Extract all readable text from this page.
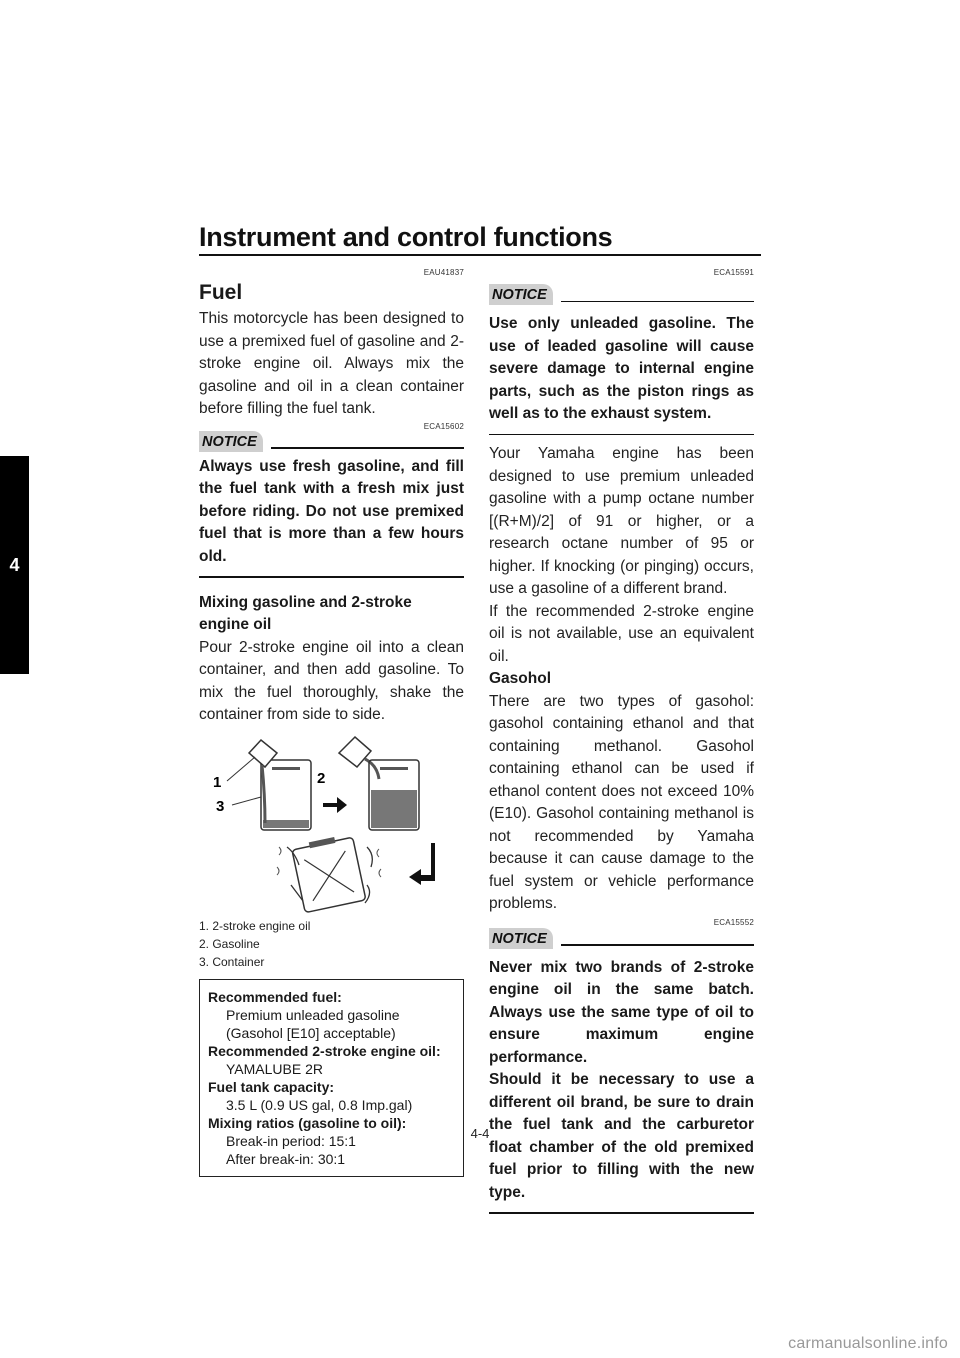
Instrument and control functions
4
EAU41837
Fuel

This motorcycle has been designed to use a premixed fuel of gasoline and 2-stroke engine oil. Always mix the gasoline and oil in a clean container before filling the fuel tank.

NOTICE
ECA15602

Always use fresh gasoline, and fill the fuel tank with a fresh mix just before riding. Do not use premixed fuel that is more than a few hours old.

Mixing gasoline and 2-stroke engine oil

Pour 2-stroke engine oil into a clean container, and then add gasoline. To mix the fuel thoroughly, shake the container from side to side.

1
3
2
1. 2-stroke engine oil
2. Gasoline
3. Container
Recommended fuel:
Premium unleaded gasoline (Gasohol [E10] acceptable)
Recommended 2-stroke engine oil:
YAMALUBE 2R
Fuel tank capacity:
3.5 L (0.9 US gal, 0.8 Imp.gal)
Mixing ratios (gasoline to oil):
Break-in period: 15:1
After break-in: 30:1
ECA15591
NOTICE

Use only unleaded gasoline. The use of leaded gasoline will cause severe damage to internal engine parts, such as the piston rings as well as to the exhaust system.

Your Yamaha engine has been designed to use premium unleaded gasoline with a pump octane number [(R+M)/2] of 91 or higher, or a research octane number of 95 or higher. If knocking (or pinging) occurs, use a gasoline of a different brand.

If the recommended 2-stroke engine oil is not available, use an equivalent oil.

Gasohol

There are two types of gasohol: gasohol containing ethanol and that containing methanol. Gasohol containing ethanol can be used if ethanol content does not exceed 10% (E10). Gasohol containing methanol is not recommended by Yamaha because it can cause damage to the fuel system or vehicle performance problems.

ECA15552
NOTICE

Never mix two brands of 2-stroke engine oil in the same batch. Always use the same type of oil to ensure maximum engine performance.

Should it be necessary to use a different oil brand, be sure to drain the fuel tank and the carburetor float chamber of the old premixed fuel prior to filling with the new type.

4-4
carmanualsonline.info
